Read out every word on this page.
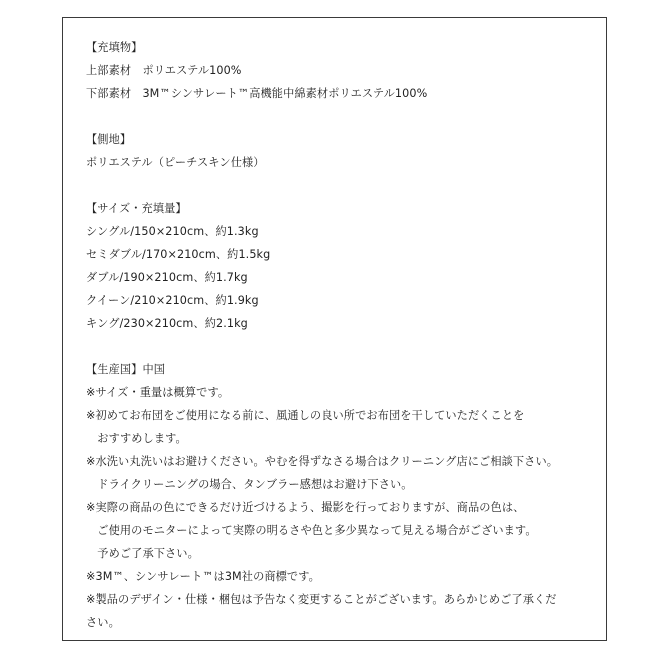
【充填物】
上部素材　ポリエステル100%
下部素材　3M™シンサレート™高機能中綿素材ポリエステル100%
【側地】
ポリエステル（ピーチスキン仕様）
【サイズ・充填量】
シングル/150×210cm、約1.3kg
セミダブル/170×210cm、約1.5kg
ダブル/190×210cm、約1.7kg
クイーン/210×210cm、約1.9kg
キング/230×210cm、約2.1kg
【生産国】中国
※サイズ・重量は概算です。
※初めてお布団をご使用になる前に、風通しの良い所でお布団を干していただくことを
　おすすめします。
※水洗い丸洗いはお避けください。やむを得ずなさる場合はクリーニング店にご相談下さい。
　ドライクリーニングの場合、タンブラー感想はお避け下さい。
※実際の商品の色にできるだけ近づけるよう、撮影を行っておりますが、商品の色は、
　ご使用のモニターによって実際の明るさや色と多少異なって見える場合がございます。
　予めご了承下さい。
※3M™、シンサレート™は3M社の商標です。
※製品のデザイン・仕様・梱包は予告なく変更することがございます。あらかじめご了承くだ
さい。
